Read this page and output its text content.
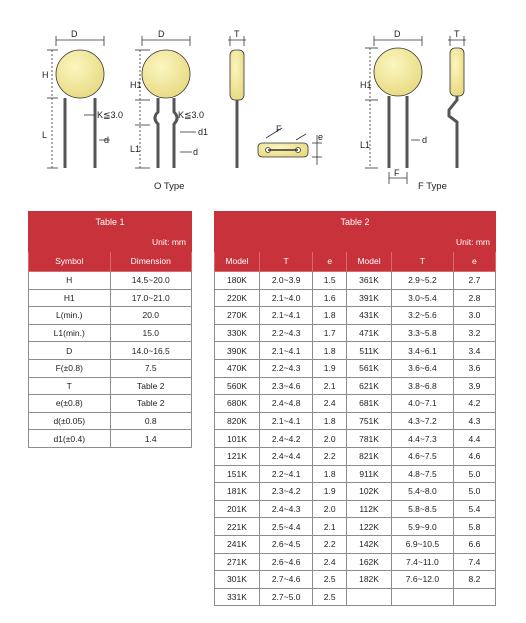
D
H
L
K≦3.0
d
D
H1
L1
K≦3.0
d1
d
T
F
e
D
H1
L1	d
F
T
O Type	F Type
Table 1	
Unit: mm	
Symbol	Dimension
H	14.5~20.0
H1	17.0~21.0
L(min.)	20.0
L1(min.)	15.0
D	14.0~16.5
F(±0.8)	7.5
T	Table 2
e(±0.8)	Table 2
d(±0.05)	0.8
d1(±0.4)	1.4
Table 2					
Unit: mm					
Model	T	e	Model	T	e
180K	2.0~3.9	1.5	361K	2.9~5.2	2.7
220K	2.1~4.0	1.6	391K	3.0~5.4	2.8
270K	2.1~4.1	1.8	431K	3.2~5.6	3.0
330K	2.2~4.3	1.7	471K	3.3~5.8	3.2
390K	2.1~4.1	1.8	511K	3.4~6.1	3.4
470K	2.2~4.3	1.9	561K	3.6~6.4	3.6
560K	2.3~4.6	2.1	621K	3.8~6.8	3.9
680K	2.4~4.8	2.4	681K	4.0~7.1	4.2
820K	2.1~4.1	1.8	751K	4.3~7.2	4.3
101K	2.4~4.2	2.0	781K	4.4~7.3	4.4
121K	2.4~4.4	2.2	821K	4.6~7.5	4.6
151K	2.2~4.1	1.8	911K	4.8~7.5	5.0
181K	2.3~4.2	1.9	102K	5.4~8.0	5.0
201K	2.4~4.3	2.0	112K	5.8~8.5	5.4
221K	2.5~4.4	2.1	122K	5.9~9.0	5.8
241K	2.6~4.5	2.2	142K	6.9~10.5	6.6
271K	2.6~4.6	2.4	162K	7.4~11.0	7.4
301K	2.7~4.6	2.5	182K	7.6~12.0	8.2
331K	2.7~5.0	2.5			
